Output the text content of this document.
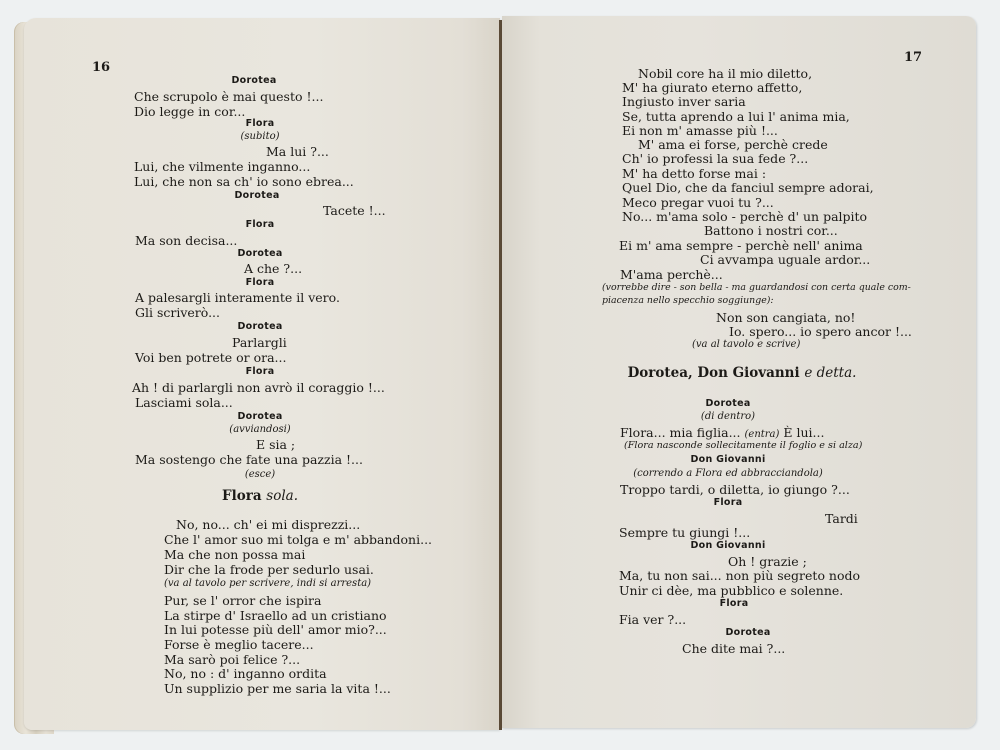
16
Dorotea
Che scrupolo è mai questo !...
Dio legge in cor...
Flora
(subito)
Ma lui ?...
Lui, che vilmente inganno...
Lui, che non sa ch' io sono ebrea...
Dorotea
Tacete !...
Flora
Ma son decisa...
Dorotea
A che ?...
Flora
A palesargli interamente il vero.
Gli scriverò...
Dorotea
Parlargli
Voi ben potrete or ora...
Flora
Ah ! di parlargli non avrò il coraggio !...
Lasciami sola...
Dorotea
(avviandosi)
E sia ;
Ma sostengo che fate una pazzia !...
(esce)
Flora sola.
No, no... ch' ei mi disprezzi...
Che l' amor suo mi tolga e m' abbandoni...
Ma che non possa mai
Dir che la frode per sedurlo usai.
(va al tavolo per scrivere, indi si arresta)
Pur, se l' orror che ispira
La stirpe d' Israello ad un cristiano
In lui potesse più dell' amor mio?...
Forse è meglio tacere...
Ma sarò poi felice ?...
No, no : d' inganno ordita
Un supplizio per me saria la vita !...
17
Nobil core ha il mio diletto,
M' ha giurato eterno affetto,
Ingiusto inver saria
Se, tutta aprendo a lui l' anima mia,
Ei non m' amasse più !...
M' ama ei forse, perchè crede
Ch' io professi la sua fede ?...
M' ha detto forse mai :
Quel Dio, che da fanciul sempre adorai,
Meco pregar vuoi tu ?...
No... m'ama solo - perchè d' un palpito
Battono i nostri cor...
Ei m' ama sempre - perchè nell' anima
Ci avvampa uguale ardor...
M'ama perchè...
(vorrebbe dire - son bella - ma guardandosi con certa quale com-
piacenza nello specchio soggiunge):
Non son cangiata, no!
Io. spero... io spero ancor !...
(va al tavolo e scrive)
Dorotea, Don Giovanni e detta.
Dorotea
(di dentro)
Flora... mia figlia... (entra) È lui...
(Flora nasconde sollecitamente il foglio e si alza)
Don Giovanni
(correndo a Flora ed abbracciandola)
Troppo tardi, o diletta, io giungo ?...
Flora
Tardi
Sempre tu giungi !...
Don Giovanni
Oh ! grazie ;
Ma, tu non sai... non più segreto nodo
Unir ci dèe, ma pubblico e solenne.
Flora
Fia ver ?...
Dorotea
Che dite mai ?...
